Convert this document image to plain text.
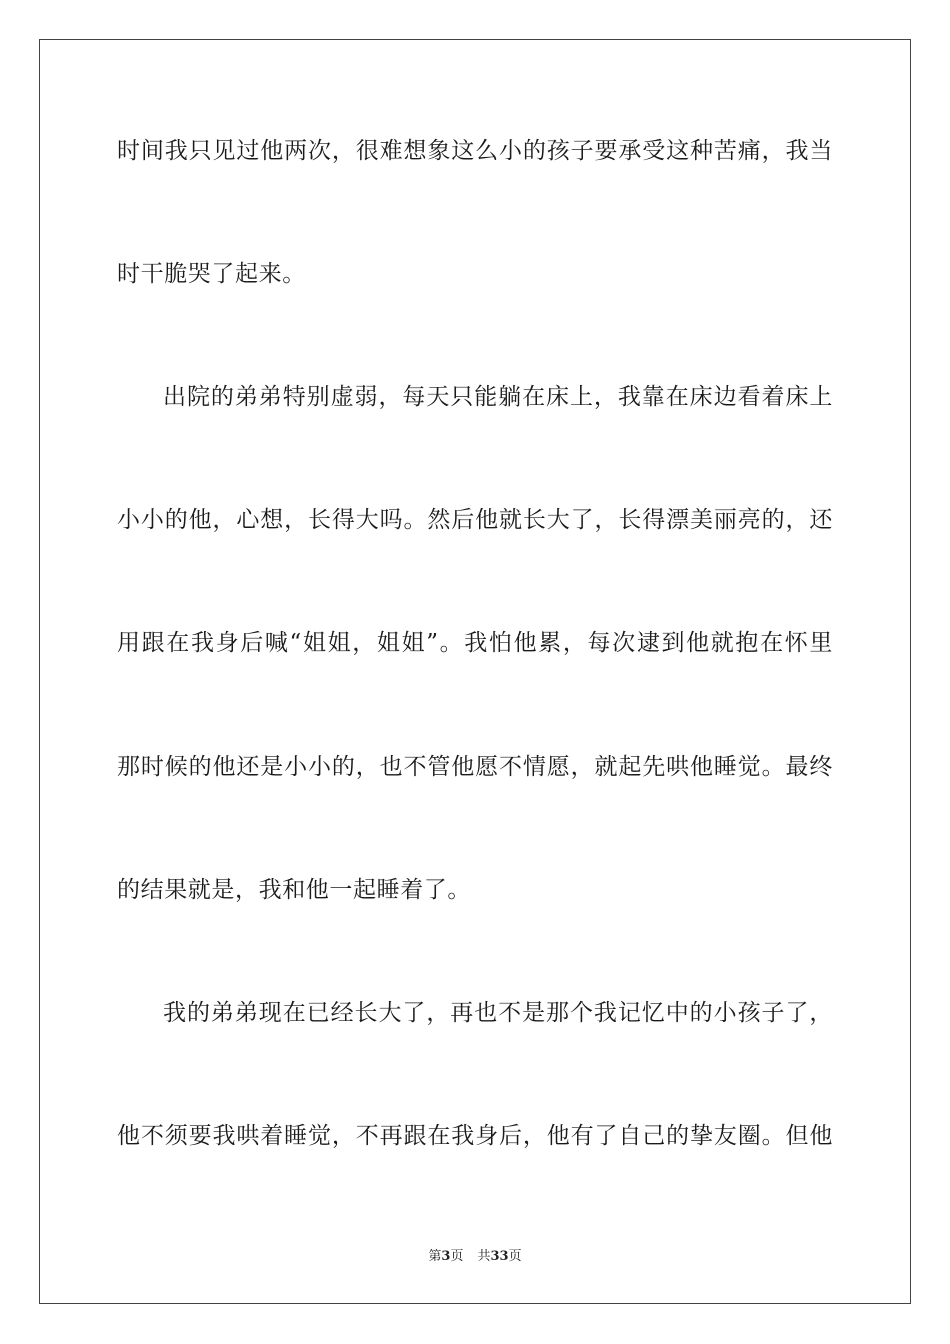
时间我只见过他两次，很难想象这么小的孩子要承受这种苦痛，我当
时干脆哭了起来。
出院的弟弟特别虚弱，每天只能躺在床上，我靠在床边看着床上
小小的他，心想，长得大吗。然后他就长大了，长得漂美丽亮的，还
用跟在我身后喊“姐姐，姐姐”。我怕他累，每次逮到他就抱在怀里
那时候的他还是小小的，也不管他愿不情愿，就起先哄他睡觉。最终
的结果就是，我和他一起睡着了。
我的弟弟现在已经长大了，再也不是那个我记忆中的小孩子了，
他不须要我哄着睡觉，不再跟在我身后，他有了自己的挚友圈。但他
第3页 共33页
